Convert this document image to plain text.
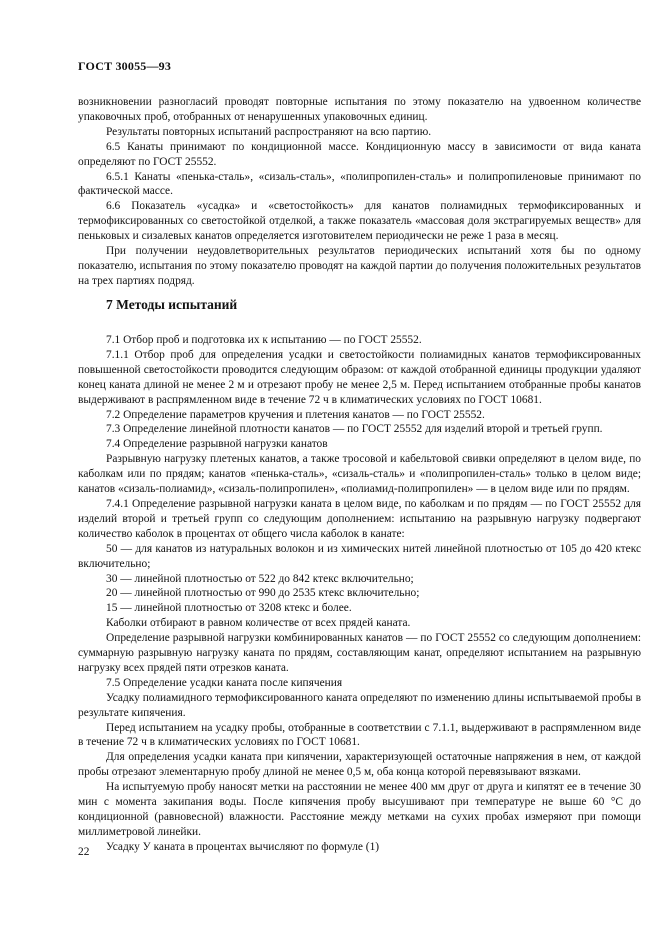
ГОСТ 30055—93

возникновении разногласий проводят повторные испытания по этому показателю на удвоенном количестве упаковочных проб, отобранных от ненарушенных упаковочных единиц.

Результаты повторных испытаний распространяют на всю партию.

6.5 Канаты принимают по кондиционной массе. Кондиционную массу в зависимости от вида каната определяют по ГОСТ 25552.

6.5.1 Канаты «пенька-сталь», «сизаль-сталь», «полипропилен-сталь» и полипропиленовые принимают по фактической массе.

6.6 Показатель «усадка» и «светостойкость» для канатов полиамидных термофиксированных и термофиксированных со светостойкой отделкой, а также показатель «массовая доля экстрагируемых веществ» для пеньковых и сизалевых канатов определяется изготовителем периодически не реже 1 раза в месяц.

При получении неудовлетворительных результатов периодических испытаний хотя бы по одному показателю, испытания по этому показателю проводят на каждой партии до получения положительных результатов на трех партиях подряд.

7 Методы испытаний

7.1 Отбор проб и подготовка их к испытанию — по ГОСТ 25552.

7.1.1 Отбор проб для определения усадки и светостойкости полиамидных канатов термофиксированных повышенной светостойкости проводится следующим образом: от каждой отобранной единицы продукции удаляют конец каната длиной не менее 2 м и отрезают пробу не менее 2,5 м. Перед испытанием отобранные пробы канатов выдерживают в распрямленном виде в течение 72 ч в климатических условиях по ГОСТ 10681.

7.2 Определение параметров кручения и плетения канатов — по ГОСТ 25552.

7.3 Определение линейной плотности канатов — по ГОСТ 25552 для изделий второй и третьей групп.

7.4 Определение разрывной нагрузки канатов

Разрывную нагрузку плетеных канатов, а также тросовой и кабельтовой свивки определяют в целом виде, по каболкам или по прядям; канатов «пенька-сталь», «сизаль-сталь» и «полипропилен-сталь» только в целом виде; канатов «сизаль-полиамид», «сизаль-полипропилен», «полиамид-полипропилен» — в целом виде или по прядям.

7.4.1 Определение разрывной нагрузки каната в целом виде, по каболкам и по прядям — по ГОСТ 25552 для изделий второй и третьей групп со следующим дополнением: испытанию на разрывную нагрузку подвергают количество каболок в процентах от общего числа каболок в канате:

50 — для канатов из натуральных волокон и из химических нитей линейной плотностью от 105 до 420 ктекс включительно;

30 — линейной плотностью от 522 до 842 ктекс включительно;

20 — линейной плотностью от 990 до 2535 ктекс включительно;

15 — линейной плотностью от 3208 ктекс и более.

Каболки отбирают в равном количестве от всех прядей каната.

Определение разрывной нагрузки комбинированных канатов — по ГОСТ 25552 со следующим дополнением: суммарную разрывную нагрузку каната по прядям, составляющим канат, определяют испытанием на разрывную нагрузку всех прядей пяти отрезков каната.

7.5 Определение усадки каната после кипячения

Усадку полиамидного термофиксированного каната определяют по изменению длины испытываемой пробы в результате кипячения.

Перед испытанием на усадку пробы, отобранные в соответствии с 7.1.1, выдерживают в распрямленном виде в течение 72 ч в климатических условиях по ГОСТ 10681.

Для определения усадки каната при кипячении, характеризующей остаточные напряжения в нем, от каждой пробы отрезают элементарную пробу длиной не менее 0,5 м, оба конца которой перевязывают вязками.

На испытуемую пробу наносят метки на расстоянии не менее 400 мм друг от друга и кипятят ее в течение 30 мин с момента закипания воды. После кипячения пробу высушивают при температуре не выше 60 °С до кондиционной (равновесной) влажности. Расстояние между метками на сухих пробах измеряют при помощи миллиметровой линейки.

Усадку У каната в процентах вычисляют по формуле (1)

22
